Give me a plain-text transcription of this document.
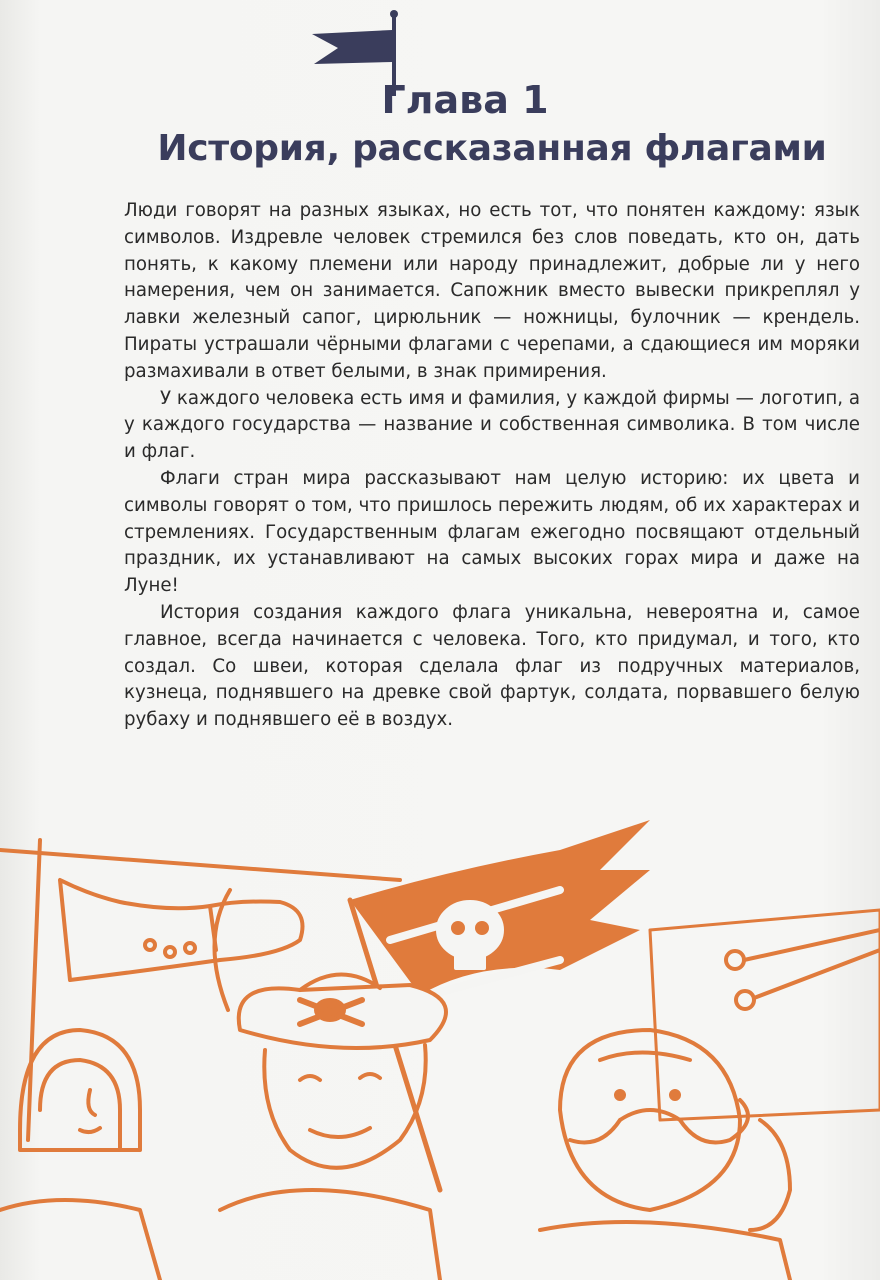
Глава 1
История, рассказанная флагами

Люди говорят на разных языках, но есть тот, что понятен каждому: язык символов. Издревле человек стремился без слов поведать, кто он, дать понять, к какому племени или народу принадлежит, добрые ли у него намерения, чем он занимается. Сапожник вместо вывески прикреплял у лавки железный сапог, цирюльник — ножницы, булочник — крендель. Пираты устрашали чёрными флагами с черепами, а сдающиеся им моряки размахивали в ответ белыми, в знак примирения.

У каждого человека есть имя и фамилия, у каждой фирмы — логотип, а у каждого государства — название и собственная символика. В том числе и флаг.

Флаги стран мира рассказывают нам целую историю: их цвета и символы говорят о том, что пришлось пережить людям, об их характерах и стремлениях. Государственным флагам ежегодно посвящают отдельный праздник, их устанавливают на самых высоких горах мира и даже на Луне!

История создания каждого флага уникальна, невероятна и, самое главное, всегда начинается с человека. Того, кто придумал, и того, кто создал. Со швеи, которая сделала флаг из подручных материалов, кузнеца, поднявшего на древке свой фартук, солдата, порвавшего белую рубаху и поднявшего её в воздух.
